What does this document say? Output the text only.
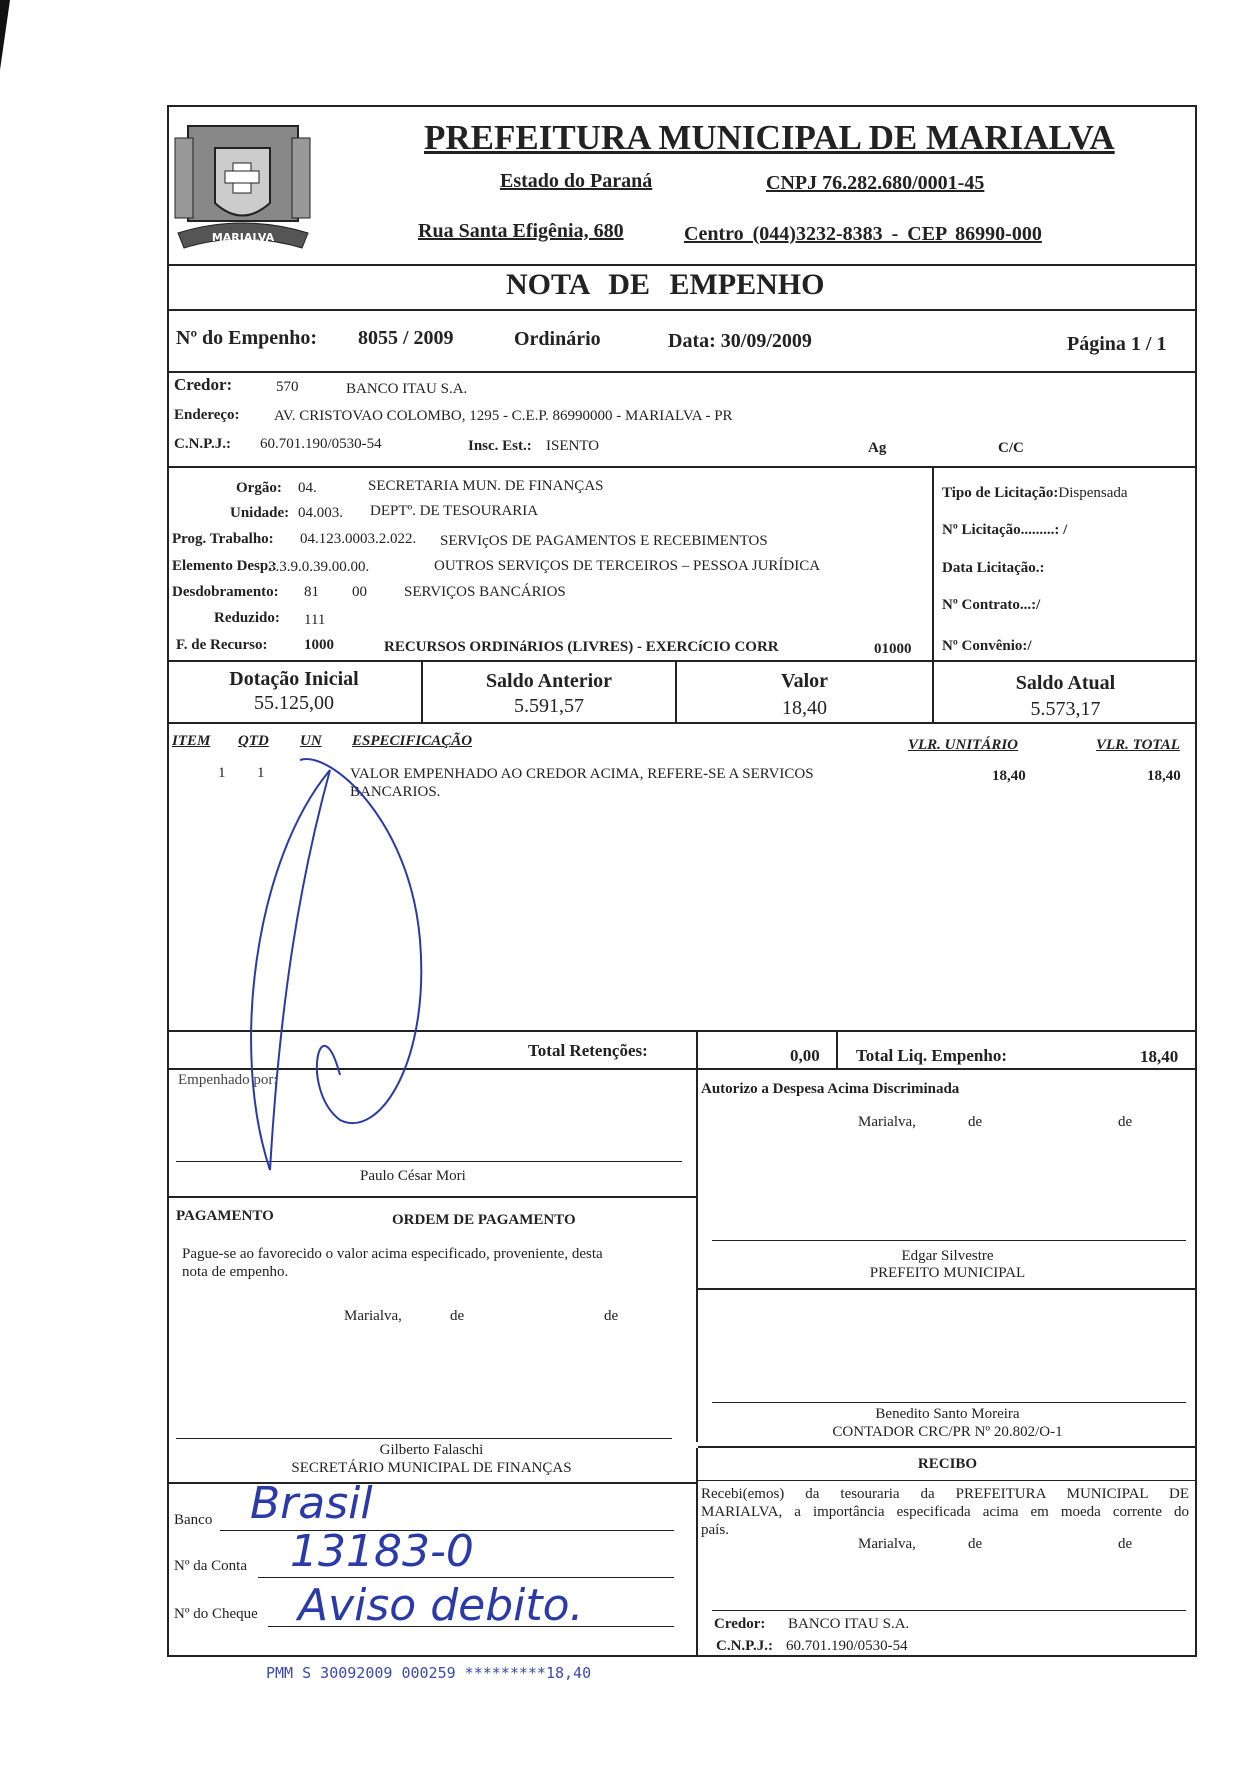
MARIALVA
PREFEITURA MUNICIPAL DE MARIALVA
Estado do Paraná	CNPJ 76.282.680/0001-45
Rua Santa Efigênia, 680	Centro (044)3232-8383 - CEP 86990-000
NOTA DE EMPENHO
Nº do Empenho: 8055 / 2009	Ordinário	Data: 30/09/2009	Página 1 / 1
Credor:	570	BANCO ITAU S.A.
Endereço: AV. CRISTOVAO COLOMBO, 1295 - C.E.P. 86990000 - MARIALVA - PR
C.N.P.J.: 60.701.190/0530-54	Insc. Est.: ISENTO	Ag	C/C
Orgão: 04.	SECRETARIA MUN. DE FINANÇAS
Unidade: 04.003. DEPTº. DE TESOURARIA
Prog. Trabalho: 04.123.0003.2.022. SERVIçOS DE PAGAMENTOS E RECEBIMENTOS
Elemento Desp.:
3.3.9.0.39.00.00.	OUTROS SERVIÇOS DE TERCEIROS – PESSOA JURÍDICA
Desdobramento: 81 00 SERVIÇOS BANCÁRIOS
Reduzido: 111
F. de Recurso: 1000	RECURSOS ORDINáRIOS (LIVRES) - EXERCíCIO CORR	01000
Tipo de Licitação:Dispensada
Nº Licitação.........: /
Data Licitação.:
Nº Contrato...:/
Nº Convênio:/
Dotação Inicial
55.125,00
Saldo Anterior
5.591,57
Valor
18,40
Saldo Atual
5.573,17
ITEM QTD UN ESPECIFICAÇÃO	VLR. UNITÁRIO	VLR. TOTAL
1 1	VALOR EMPENHADO AO CREDOR ACIMA, REFERE-SE A SERVICOS
BANCARIOS.
18,40	18,40
Total Retenções:	0,00 Total Liq. Empenho:	18,40
Empenhado por:
Paulo César Mori
PAGAMENTO	ORDEM DE PAGAMENTO
Pague-se ao favorecido o valor acima especificado, proveniente, desta
nota de empenho.
Marialva,	de	de
Gilberto Falaschi
SECRETÁRIO MUNICIPAL DE FINANÇAS
Banco Brasil
Nº da Conta 13183-0
Nº do Cheque Aviso debito.
Autorizo a Despesa Acima Discriminada
Marialva,	de	de
Edgar Silvestre
PREFEITO MUNICIPAL
Benedito Santo Moreira
CONTADOR CRC/PR Nº 20.802/O-1
RECIBO
Recebi(emos) da tesouraria da PREFEITURA MUNICIPAL DE
MARIALVA, a importância especificada acima em moeda corrente do
país.
Marialva,	de	de
Credor: BANCO ITAU S.A.
C.N.P.J.: 60.701.190/0530-54
PMM S 30092009 000259 *********18,40
